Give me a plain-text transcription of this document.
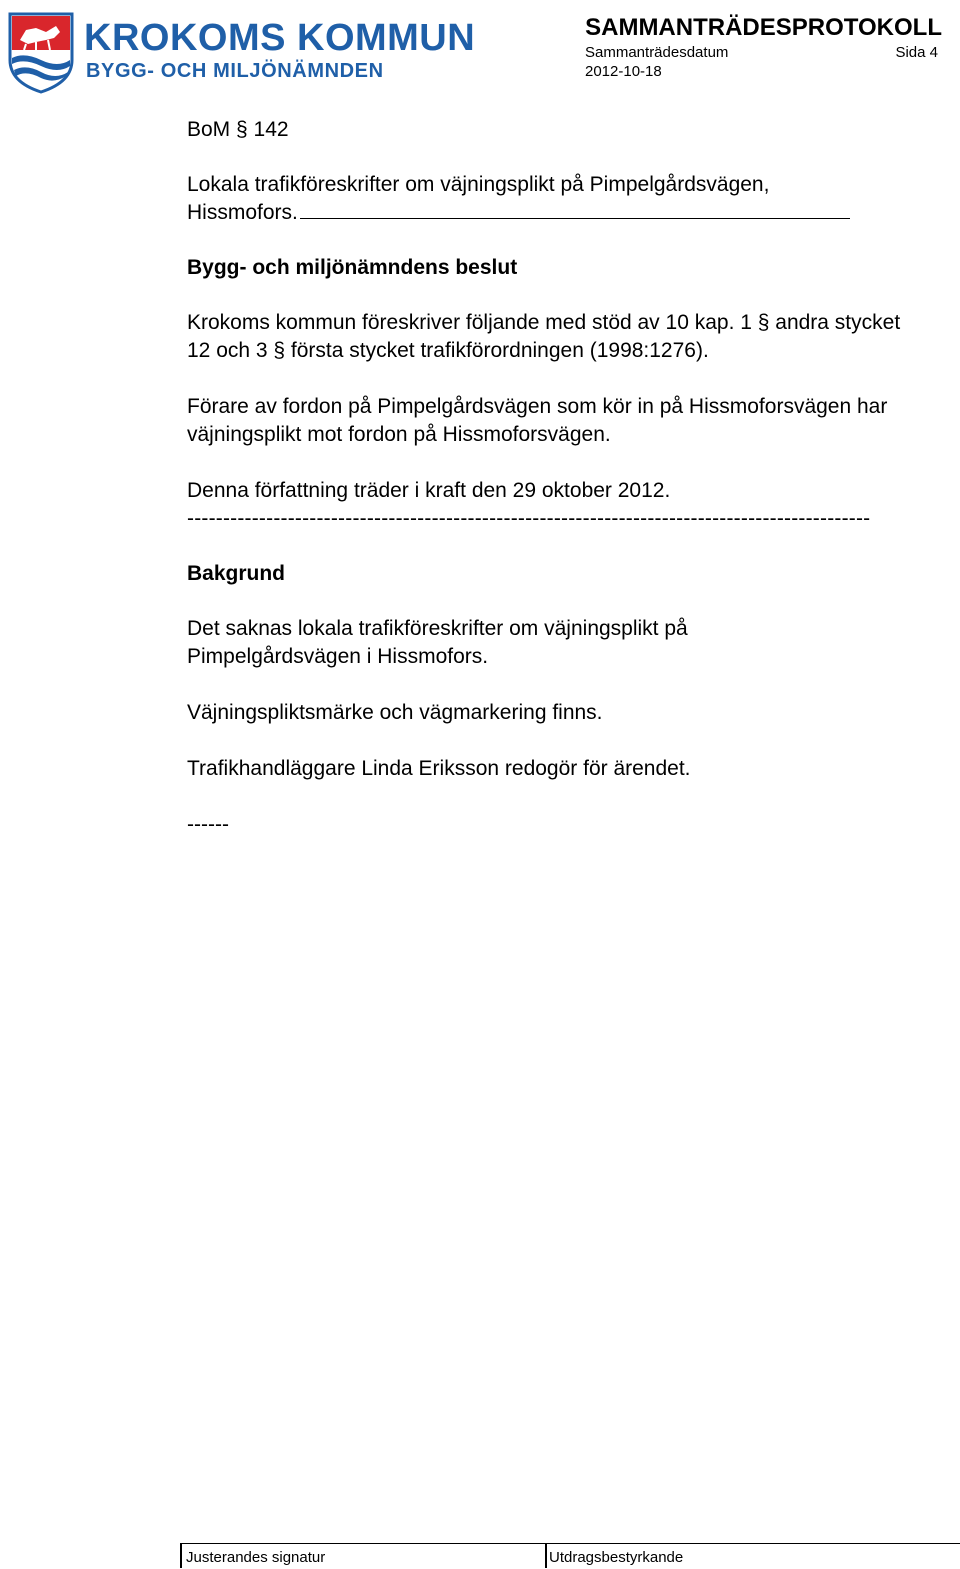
KROKOMS KOMMUN
BYGG- OCH MILJÖNÄMNDEN
SAMMANTRÄDESPROTOKOLL
Sammanträdesdatum	Sida 4
2012-10-18

BoM § 142

Lokala trafikföreskrifter om väjningsplikt på Pimpelgårdsvägen,

Hissmofors.

Bygg- och miljönämndens beslut

Krokoms kommun föreskriver följande med stöd av 10 kap. 1 § andra stycket 12 och 3 § första stycket trafikförordningen (1998:1276).

Förare av fordon på Pimpelgårdsvägen som kör in på Hissmoforsvägen har väjningsplikt mot fordon på Hissmoforsvägen.

Denna författning träder i kraft den 29 oktober 2012.

-----------------------------------------------------------------------------------------------

Bakgrund

Det saknas lokala trafikföreskrifter om väjningsplikt på Pimpelgårdsvägen i Hissmofors.

Väjningspliktsmärke och vägmarkering finns.

Trafikhandläggare Linda Eriksson redogör för ärendet.

------

Justerandes signatur	Utdragsbestyrkande
